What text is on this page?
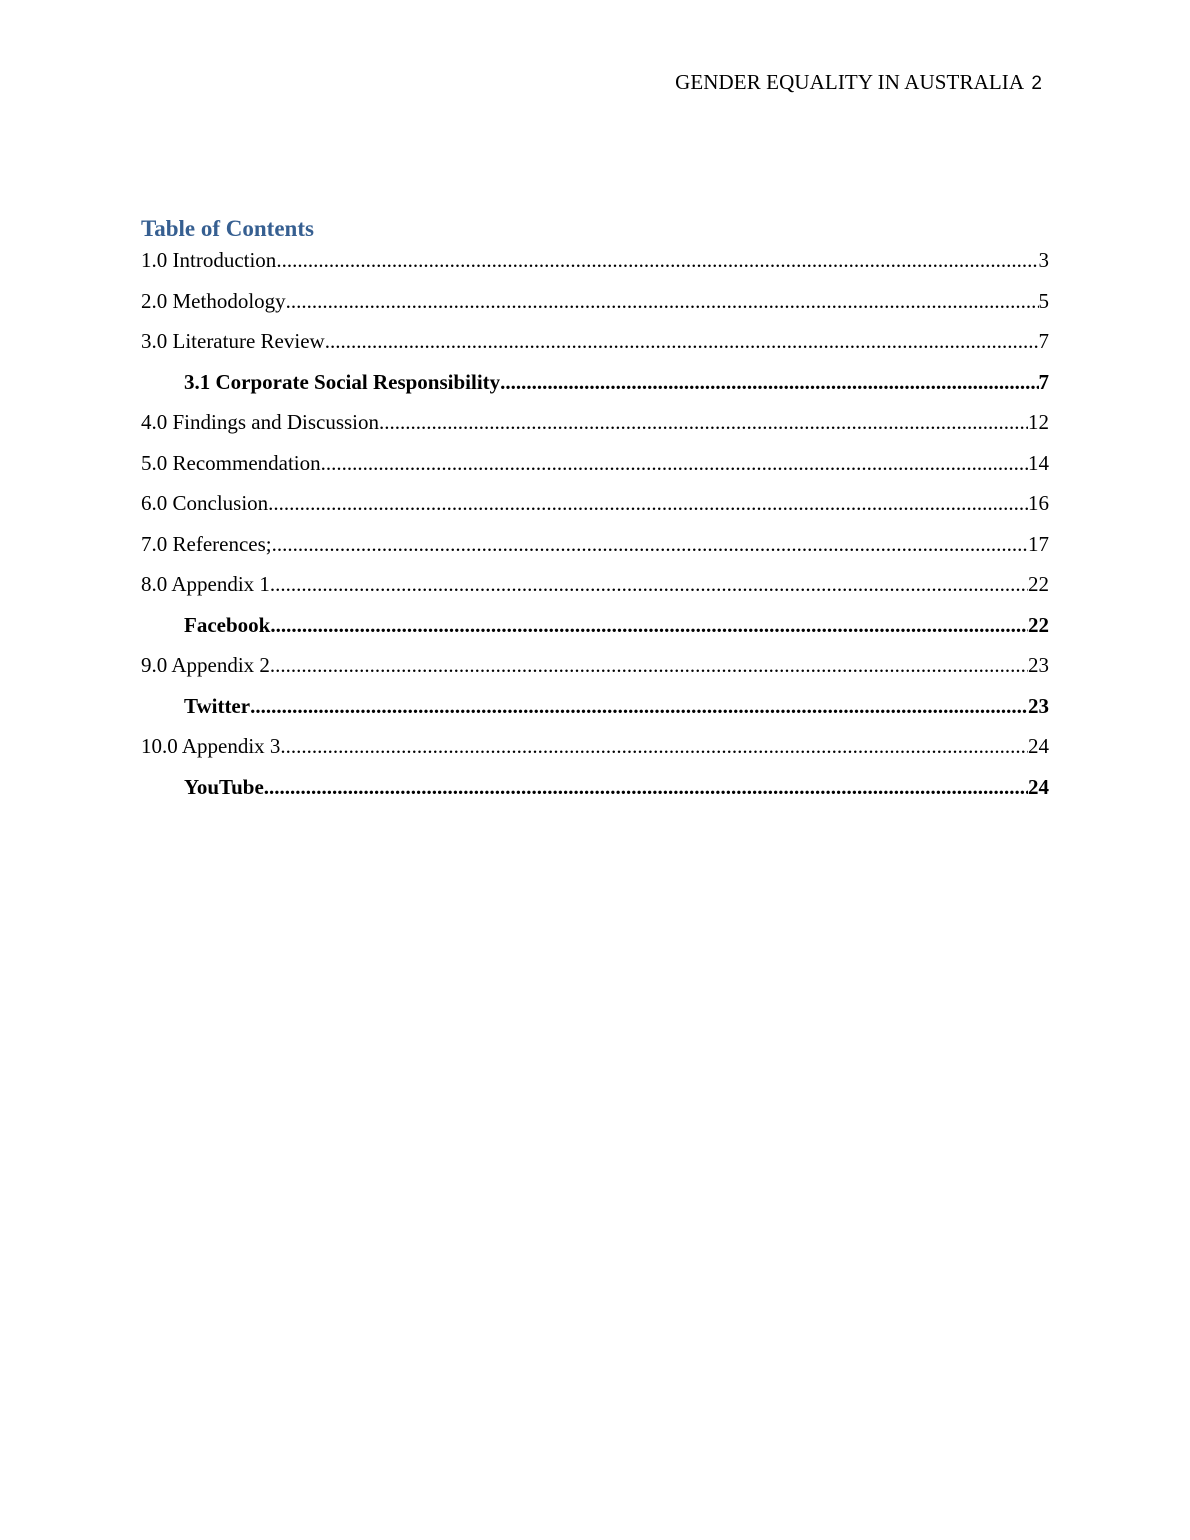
GENDER EQUALITY IN AUSTRALIA 2
Table of Contents
1.0 Introduction .....	3
2.0 Methodology .....	5
3.0 Literature Review .....	7
3.1 Corporate Social Responsibility .....	7
4.0 Findings and Discussion .....	12
5.0 Recommendation .....	14
6.0 Conclusion .....	16
7.0 References; .....	17
8.0 Appendix 1 .....	22
Facebook .....	22
9.0 Appendix 2 .....	23
Twitter .....	23
10.0 Appendix 3 .....	24
YouTube .....	24
